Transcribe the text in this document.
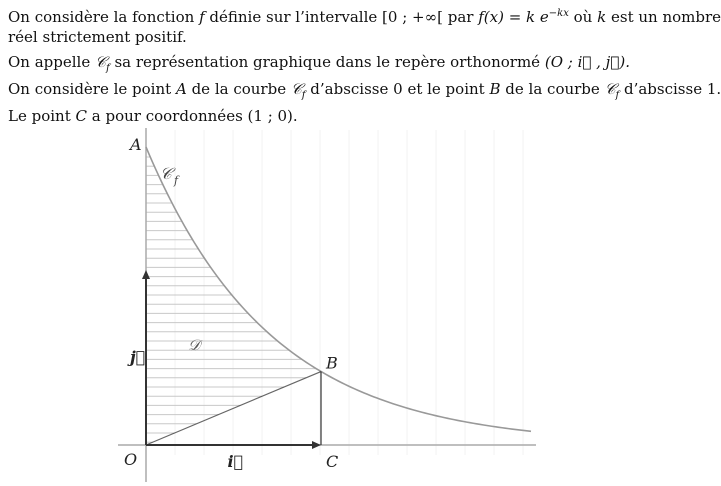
On considère la fonction f définie sur l’intervalle [0 ; +∞[ par f(x) = k $e^{-kx}$ où k est un nombre
réel strictement positif.
On appelle 𝒞$_f$ sa représentation graphique dans le repère orthonormé (O ; i⃗ , j⃗).
On considère le point A de la courbe 𝒞$_f$ d’abscisse 0 et le point B de la courbe 𝒞$_f$ d’abscisse 1.
Le point C a pour coordonnées (1 ; 0).
A
B
C
O	i⃗
j⃗
𝒞 f
𝒟
